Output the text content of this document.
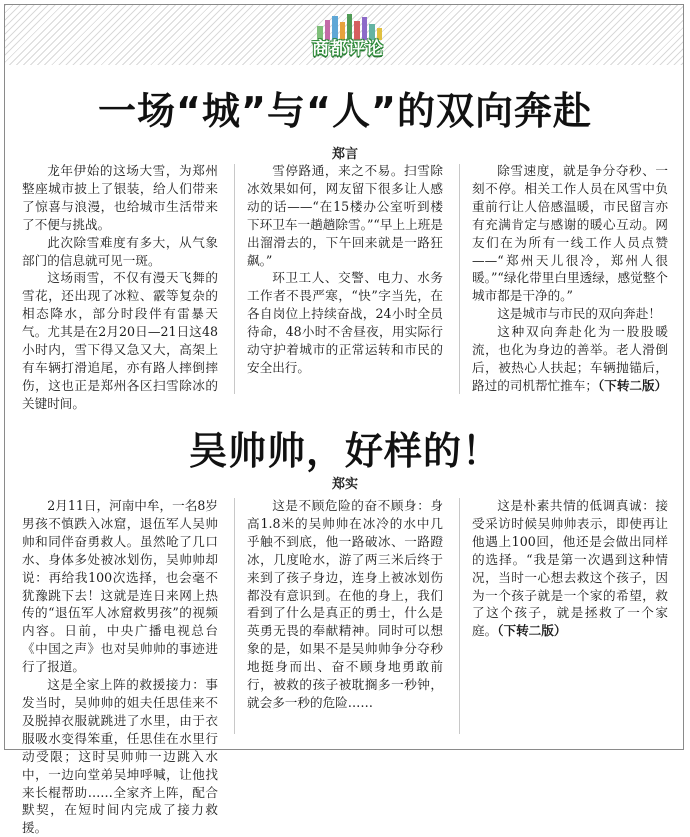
商都评论
一场“城”与“人”的双向奔赴
郑言

龙年伊始的这场大雪，为郑州整座城市披上了银装，给人们带来了惊喜与浪漫，也给城市生活带来了不便与挑战。

此次除雪难度有多大，从气象部门的信息就可见一斑。

这场雨雪，不仅有漫天飞舞的雪花，还出现了冰粒、霰等复杂的相态降水，部分时段伴有雷暴天气。尤其是在2月20日—21日这48小时内，雪下得又急又大，高架上有车辆打滑追尾，亦有路人摔倒摔伤，这也正是郑州各区扫雪除冰的关键时间。

雪停路通，来之不易。扫雪除冰效果如何，网友留下很多让人感动的话——“在15楼办公室听到楼下环卫车一趟趟除雪。”“早上上班是出溜滑去的，下午回来就是一路狂飙。”

环卫工人、交警、电力、水务工作者不畏严寒，“快”字当先，在各自岗位上持续奋战，24小时全员待命，48小时不舍昼夜，用实际行动守护着城市的正常运转和市民的安全出行。

除雪速度，就是争分夺秒、一刻不停。相关工作人员在风雪中负重前行让人倍感温暖，市民留言亦有充满肯定与感谢的暖心互动。网友们在为所有一线工作人员点赞——“郑州天儿很冷，郑州人很暖。”“绿化带里白里透绿，感觉整个城市都是干净的。”

这是城市与市民的双向奔赴！

这种双向奔赴化为一股股暖流，也化为身边的善举。老人滑倒后，被热心人扶起；车辆抛锚后，路过的司机帮忙推车；（下转二版）

吴帅帅，好样的！
郑实

2月11日，河南中牟，一名8岁男孩不慎跌入冰窟，退伍军人吴帅帅和同伴奋勇救人。虽然呛了几口水、身体多处被冰划伤，吴帅帅却说：再给我100次选择，也会毫不犹豫跳下去！这就是连日来网上热传的“退伍军人冰窟救男孩”的视频内容。日前，中央广播电视总台《中国之声》也对吴帅帅的事迹进行了报道。

这是全家上阵的救援接力：事发当时，吴帅帅的姐夫任思佳来不及脱掉衣服就跳进了水里，由于衣服吸水变得笨重，任思佳在水里行动受限；这时吴帅帅一边跳入水中，一边向堂弟吴坤呼喊，让他找来长棍帮助……全家齐上阵，配合默契，在短时间内完成了接力救援。

这是不顾危险的奋不顾身：身高1.8米的吴帅帅在冰冷的水中几乎触不到底，他一路破冰、一路蹬冰，几度呛水，游了两三米后终于来到了孩子身边，连身上被冰划伤都没有意识到。在他的身上，我们看到了什么是真正的勇士，什么是英勇无畏的奉献精神。同时可以想象的是，如果不是吴帅帅争分夺秒地挺身而出、奋不顾身地勇敢前行，被救的孩子被耽搁多一秒钟，就会多一秒的危险……

这是朴素共情的低调真诚：接受采访时候吴帅帅表示，即使再让他遇上100回，他还是会做出同样的选择。“我是第一次遇到这种情况，当时一心想去救这个孩子，因为一个孩子就是一个家的希望，救了这个孩子，就是拯救了一个家庭。（下转二版）
